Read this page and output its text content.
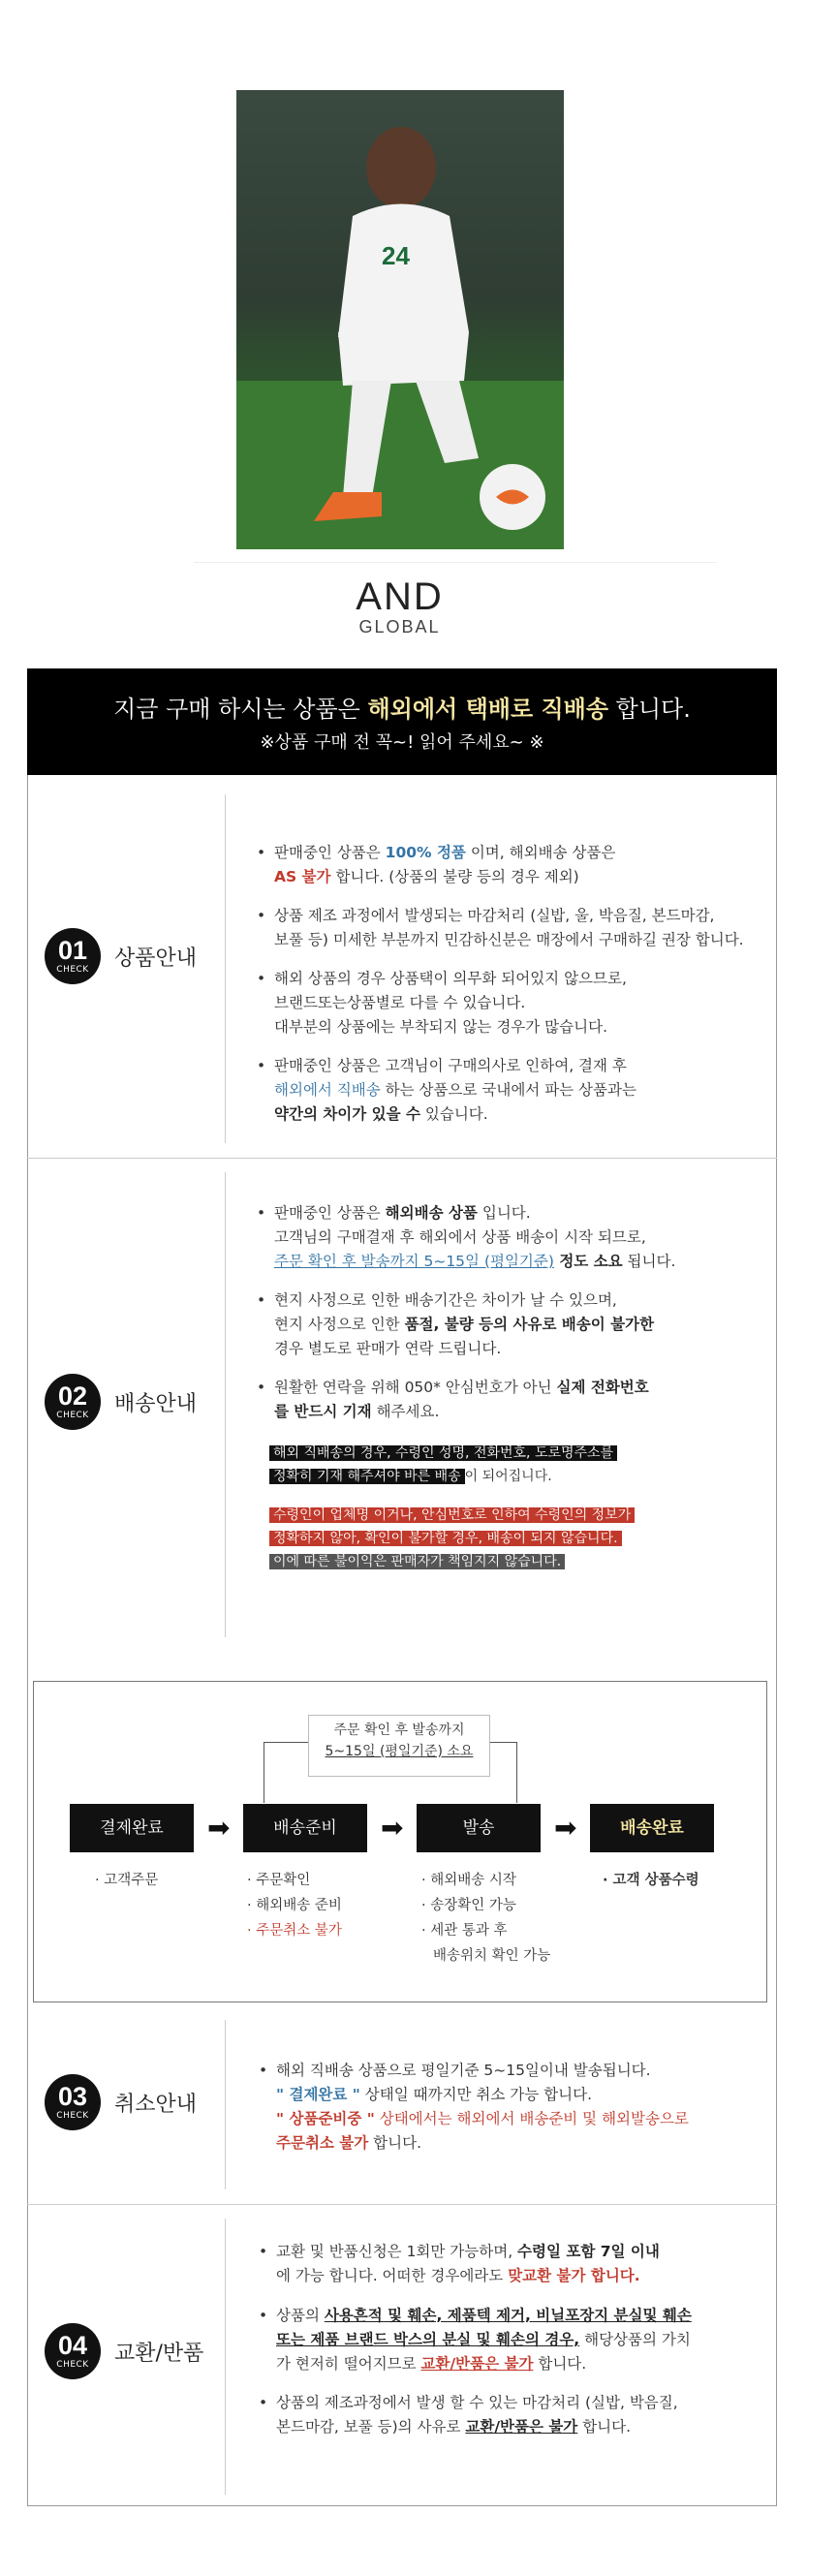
24
AND
GLOBAL
지금 구매 하시는 상품은 해외에서 택배로 직배송 합니다.
※상품 구매 전 꼭~! 읽어 주세요~ ※
01
CHECK	상품안내
• 판매중인 상품은 100% 정품 이며, 해외배송 상품은
AS 불가 합니다. (상품의 불량 등의 경우 제외)
• 상품 제조 과정에서 발생되는 마감처리 (실밥, 울, 박음질, 본드마감,
보풀 등) 미세한 부분까지 민감하신분은 매장에서 구매하길 권장 합니다.
• 해외 상품의 경우 상품택이 의무화 되어있지 않으므로,
브랜드또는상품별로 다를 수 있습니다.
대부분의 상품에는 부착되지 않는 경우가 많습니다.
• 판매중인 상품은 고객님이 구매의사로 인하여, 결재 후
해외에서 직배송 하는 상품으로 국내에서 파는 상품과는
약간의 차이가 있을 수 있습니다.
02
CHECK	배송안내
• 판매중인 상품은 해외배송 상품 입니다.
고객님의 구매결재 후 해외에서 상품 배송이 시작 되므로,
주문 확인 후 발송까지 5~15일 (평일기준) 정도 소요 됩니다.
• 현지 사정으로 인한 배송기간은 차이가 날 수 있으며,
현지 사정으로 인한 품절, 불량 등의 사유로 배송이 불가한
경우 별도로 판매가 연락 드립니다.
• 원활한 연락을 위해 050* 안심번호가 아닌 실제 전화번호
를 반드시 기재 해주세요.
해외 직배송의 경우, 수령인 성명, 전화번호, 도로명주소를
정확히 기재 해주셔야 바른 배송 이 되어집니다.
수령인이 업체명 이거나, 안심번호로 인하여 수령인의 정보가
정확하지 않아, 확인이 불가할 경우, 배송이 되지 않습니다.
이에 따른 불이익은 판매자가 책임지지 않습니다.
주문 확인 후 발송까지
5~15일 (평일기준) 소요
결제완료	➡	배송준비	➡	발송	➡	배송완료
· 고객주문	· 주문확인
· 해외배송 준비
· 주문취소 불가
· 해외배송 시작
· 송장확인 가능
· 세관 통과 후
배송위치 확인 가능
· 고객 상품수령
03
CHECK	취소안내
• 해외 직배송 상품으로 평일기준 5~15일이내 발송됩니다.
" 결제완료 " 상태일 때까지만 취소 가능 합니다.
" 상품준비중 " 상태에서는 해외에서 배송준비 및 해외발송으로
주문취소 불가 합니다.
04
CHECK	교환/반품
• 교환 및 반품신청은 1회만 가능하며, 수령일 포함 7일 이내
에 가능 합니다. 어떠한 경우에라도 맞교환 불가 합니다.
• 상품의 사용흔적 및 훼손, 제품텍 제거, 비닐포장지 분실및 훼손
또는 제품 브랜드 박스의 분실 및 훼손의 경우, 해당상품의 가치
가 현저히 떨어지므로 교환/반품은 불가 합니다.
• 상품의 제조과정에서 발생 할 수 있는 마감처리 (실밥, 박음질,
본드마감, 보풀 등)의 사유로 교환/반품은 불가 합니다.
